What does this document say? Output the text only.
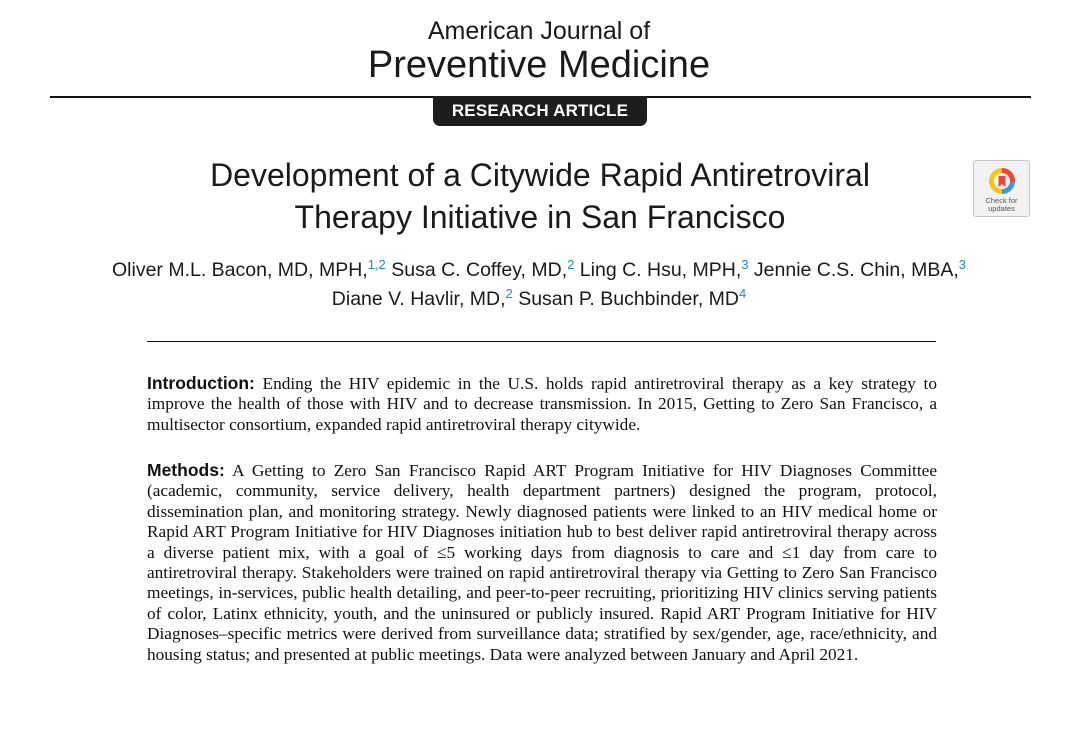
American Journal of
Preventive Medicine
RESEARCH ARTICLE
Development of a Citywide Rapid Antiretroviral
Therapy Initiative in San Francisco	Check for
updates
Oliver M.L. Bacon, MD, MPH,$^{1,2}$ Susa C. Coffey, MD,$^2$ Ling C. Hsu, MPH,$^3$ Jennie C.S. Chin, MBA,$^3$
Diane V. Havlir, MD,$^2$ Susan P. Buchbinder, $MD^4$
Introduction: Ending the HIV epidemic in the U.S. holds rapid antiretroviral therapy as a key strategy to improve the health of those with HIV and to decrease transmission. In 2015, Getting to Zero San Francisco, a multisector consortium, expanded rapid antiretroviral therapy citywide.
Methods: A Getting to Zero San Francisco Rapid ART Program Initiative for HIV Diagnoses Committee (academic, community, service delivery, health department partners) designed the program, protocol, dissemination plan, and monitoring strategy. Newly diagnosed patients were linked to an HIV medical home or Rapid ART Program Initiative for HIV Diagnoses initiation hub to best deliver rapid antiretroviral therapy across a diverse patient mix, with a goal of ≤5 working days from diagnosis to care and ≤1 day from care to antiretroviral therapy. Stakeholders were trained on rapid antiretroviral therapy via Getting to Zero San Francisco meetings, in-services, public health detailing, and peer-to-peer recruiting, prioritizing HIV clinics serving patients of color, Latinx ethnicity, youth, and the uninsured or publicly insured. Rapid ART Program Initiative for HIV Diagnoses–specific metrics were derived from surveillance data; stratified by sex/gender, age, race/ethnicity, and housing status; and presented at public meetings. Data were analyzed between January and April 2021.
